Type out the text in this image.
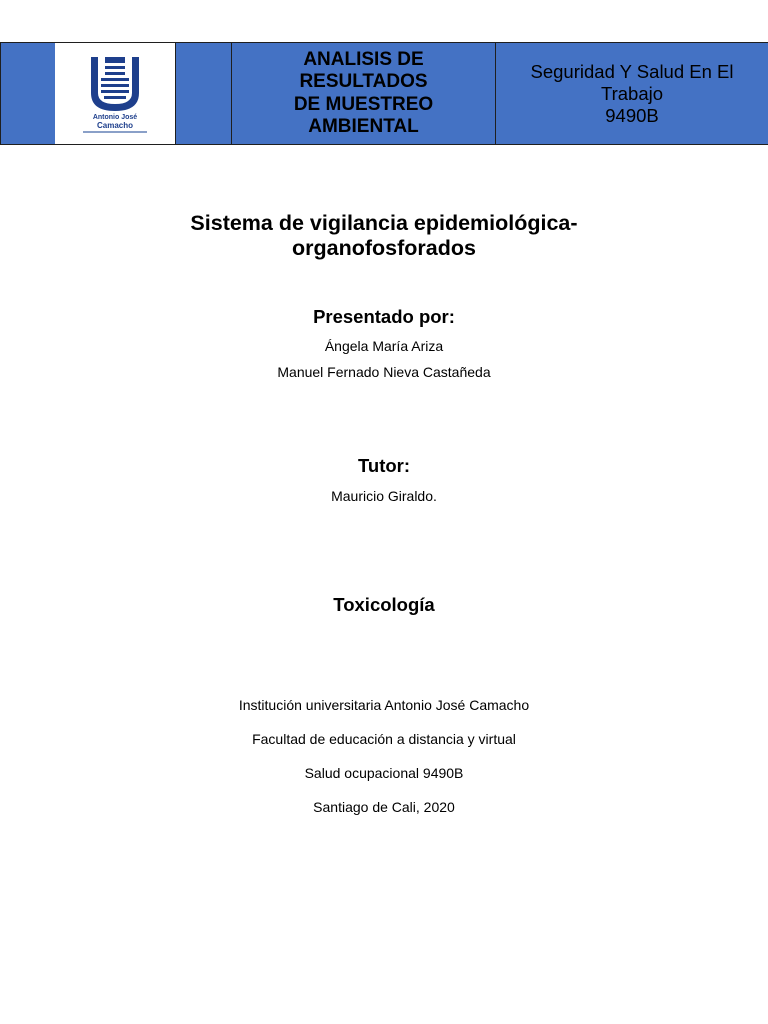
Antonio José
Camacho
ANALISIS DE
RESULTADOS
DE MUESTREO
AMBIENTAL
Seguridad Y Salud En El
Trabajo
9490B
Sistema de vigilancia epidemiológica-
organofosforados
Presentado por:
Ángela María Ariza
Manuel Fernado Nieva Castañeda
Tutor:
Mauricio Giraldo.
Toxicología
Institución universitaria Antonio José Camacho
Facultad de educación a distancia y virtual
Salud ocupacional 9490B
Santiago de Cali, 2020
